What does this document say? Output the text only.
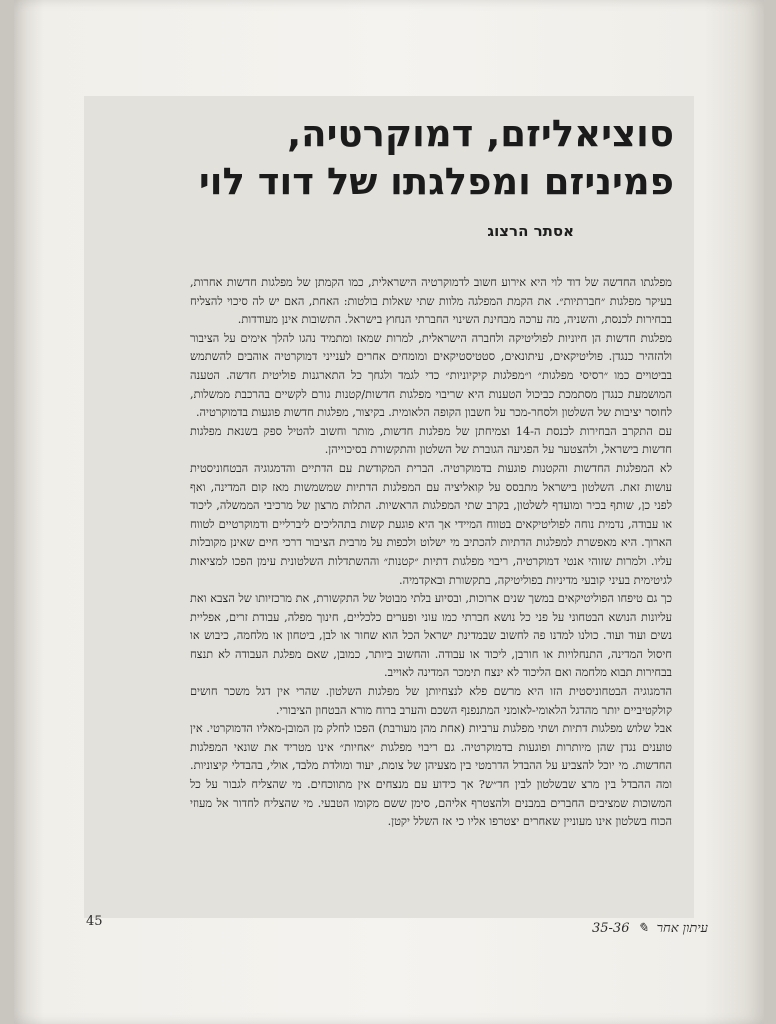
סוציאליזם, דמוקרטיה,
פמיניזם ומפלגתו של דוד לוי
אסתר הרצוג

מפלגתו החדשה של דוד לוי היא אירוע חשוב לדמוקרטיה הישראלית, כמו הקמתן של מפלגות חדשות אחרות, בעיקר מפלגות ״חברתיות״. את הקמת המפלגה מלוות שתי שאלות בולטות: האחת, האם יש לה סיכוי להצליח בבחירות לכנסת, והשניה, מה ערכה מבחינת השינוי החברתי הנחוץ בישראל. התשובות אינן מעודדות.

מפלגות חדשות הן חיוניות לפוליטיקה ולחברה הישראלית, למרות שמאז ומתמיד נהגו להלך אימים על הציבור ולהזהיר כנגדן. פוליטיקאים, עיתונאים, סטטיסטיקאים ומומחים אחרים לענייני דמוקרטיה אוהבים להשתמש בביטויים כמו ״רסיסי מפלגות״ ו״מפלגות קיקיוניות״ כדי לגמד ולגחך כל התארגנות פוליטית חדשה. הטענה המושמעת כנגדן מסתמכת כביכול הטענות היא שריבוי מפלגות חדשות/קטנות גורם לקשיים בהרכבת ממשלות, לחוסר יציבות של השלטון ולסחר-מכר על חשבון הקופה הלאומית. בקיצור, מפלגות חדשות פוגעות בדמוקרטיה.

עם התקרב הבחירות לכנסת ה-14 וצמיחתן של מפלגות חדשות, מותר וחשוב להטיל ספק בשנאת מפלגות חדשות בישראל, ולהצטער על הפגיעה הגוברת של השלטון והתקשורת בסיכוייהן.

לא המפלגות החדשות והקטנות פוגעות בדמוקרטיה. הברית המקודשת עם הדתיים והדמגוגיה הבטחוניסטית עושות זאת. השלטון בישראל מתבסס על קואליציה עם המפלגות הדתיות שמשמשות מאז קום המדינה, ואף לפני כן, שותף בכיר ומועדף לשלטון, בקרב שתי המפלגות הראשיות. התלות מרצון של מרכיבי הממשלה, ליכוד או עבודה, נדמית נוחה לפוליטיקאים בטווח המיידי אך היא פוגעת קשות בתהליכים ליברליים ודמוקרטיים לטווח הארוך. היא מאפשרת למפלגות הדתיות להכתיב מי ישלוט ולכפות על מרבית הציבור דרכי חיים שאינן מקובלות עליו. ולמרות שזוהי אנטי דמוקרטיה, ריבוי מפלגות דתיות ״קטנות״ וההשתדלות השלטונית עימן הפכו למציאות לגיטימית בעיני קובעי מדיניות בפוליטיקה, בתקשורת ובאקדמיה.

כך גם טיפחו הפוליטיקאים במשך שנים ארוכות, ובסיוע בלתי מבוטל של התקשורת, את מרכזיותו של הצבא ואת עליונות הנושא הבטחוני על פני כל נושא חברתי כמו עוני ופערים כלכליים, חינוך מפלה, עבודת זרים, אפליית נשים ועוד ועוד. כולנו למדנו פה לחשוב שבמדינת ישראל הכל הוא שחור או לבן, ביטחון או מלחמה, כיבוש או חיסול המדינה, התנחלויות או חורבן, ליכוד או עבודה. והחשוב ביותר, כמובן, שאם מפלגת העבודה לא תנצח בבחירות תבוא מלחמה ואם הליכוד לא ינצח תימכר המדינה לאוייב.

הדמגוגיה הבטחוניסטית הזו היא מרשם פלא לנצחיותן של מפלגות השלטון. שהרי אין דגל משכר חושים קולקטיביים יותר מהדגל הלאומי-לאומני המתנפנף השכם והערב ברוח מורא הבטחון הציבורי.

אבל שלוש מפלגות דתיות ושתי מפלגות ערביות (אחת מהן מעורבת) הפכו לחלק מן המובן-מאליו הדמוקרטי. אין טוענים נגדן שהן מיותרות ופוגעות בדמוקרטיה. גם ריבוי מפלגות ״אחיות״ אינו מטריד את שונאי המפלגות החדשות. מי יוכל להצביע על ההבדל הדרמטי בין מצעיהן של צומת, יעוד ומולדת מלבד, אולי, בהבדלי קיצוניות. ומה ההבדל בין מרצ שבשלטון לבין חד״ש? אך כידוע עם מנצחים אין מתווכחים. מי שהצליח לגבור על כל המשוכות שמציבים החברים במבנים ולהצטרף אליהם, סימן ששם מקומו הטבעי. מי שהצליח לחדור אל מעוזי הכוח בשלטון אינו מעוניין שאחרים יצטרפו אליו כי אז השלל יקטן.

עיתון אחר ✎ 35-36
45
